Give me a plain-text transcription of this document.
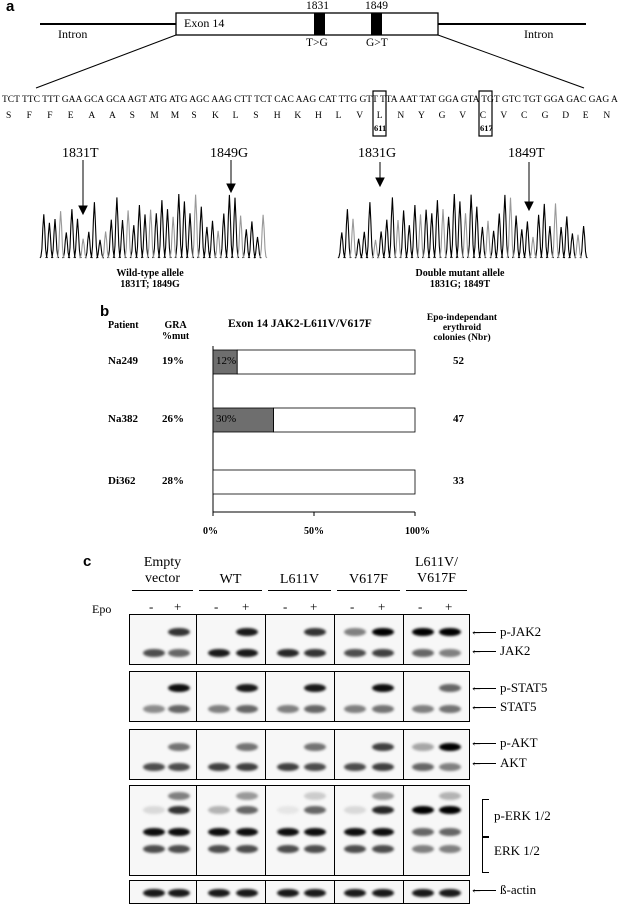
a
Intron	Intron
Exon 14
1831	1849
T>G	G>T
TCT TTC TTT GAA GCA GCA AGT ATG ATG AGC AAG CTT TCT CAC AAG CAT TTG GTT TTA AAT TAT GGA GTA TGT GTC TGT GGA GAC GAG A
S F F E A A S M M S K L S H K H L V L N Y G V C V C G D E N
611	617
1831T	1849G	1831G	1849T
Wild-type allele
1831T; 1849G
Double mutant allele
1831G; 1849T
b
Patient	GRA
%mut
Exon 14 JAK2-L611V/V617F	Epo-independant
erythroid
colonies (Nbr)
12%
Na249 19%	52
30%
Na382 26%	47
Di362 28%	33
0%	50%	100%
c	Empty vector	WT	L611V	V617F
L611V/ V617F
Epo	- +	- +	- +	- +	- +
← p-JAK2
← JAK2
← p-STAT5
← STAT5
← p-AKT
← AKT
p-ERK 1/2
ERK 1/2
← ß-actin
